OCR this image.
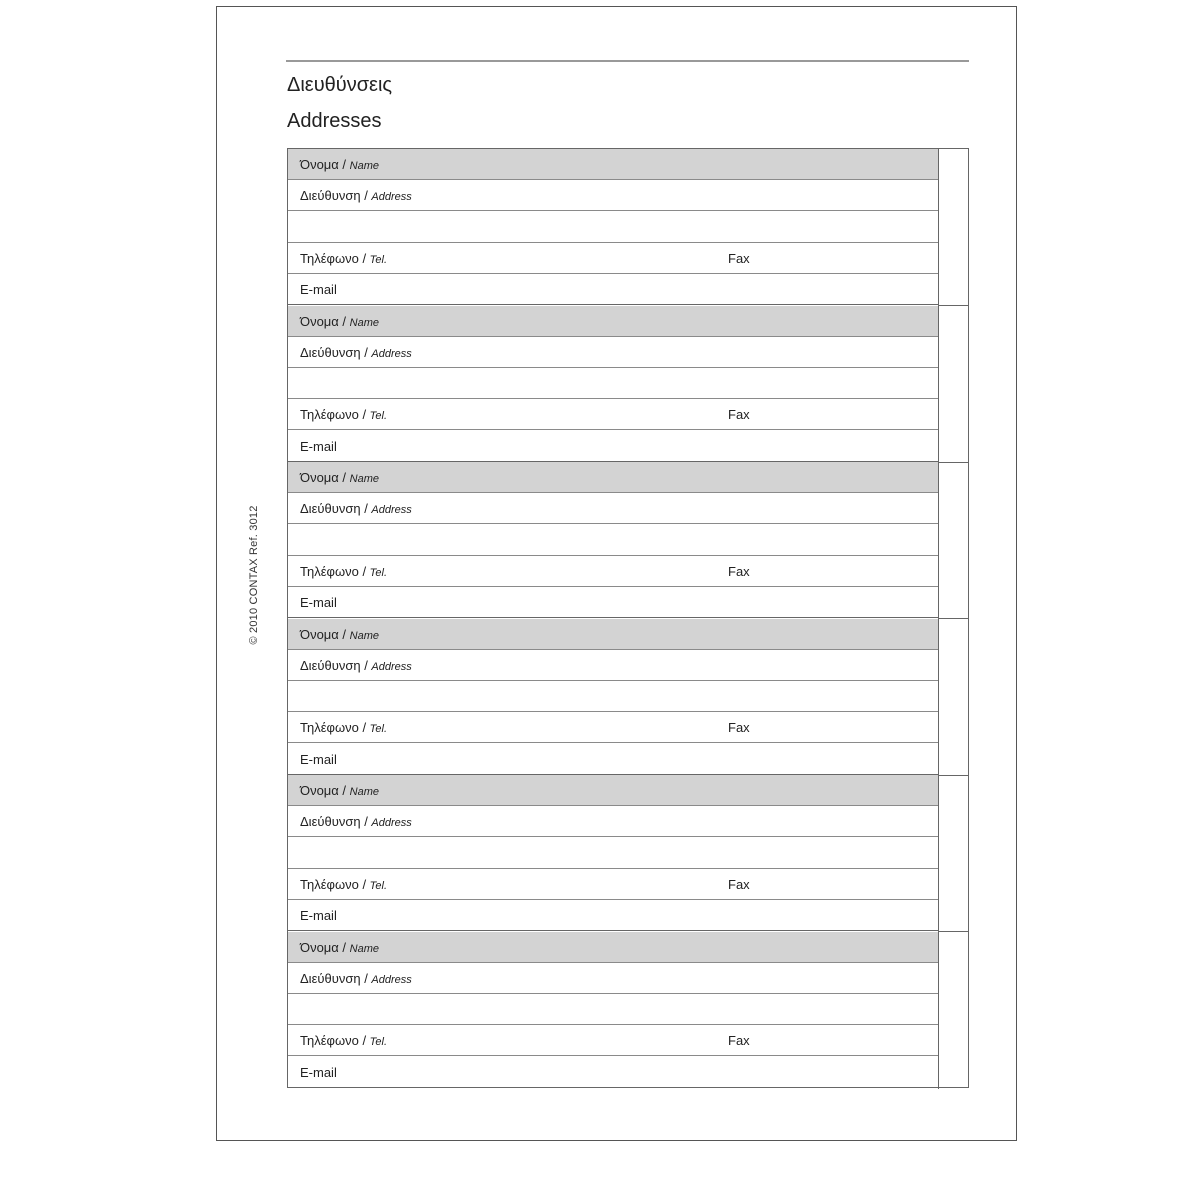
Διευθύνσεις
Addresses
© 2010 CONTAX Ref. 3012
Όνομα / Name
Διεύθυνση / Address
Τηλέφωνο / Tel.	Fax
E-mail
Όνομα / Name
Διεύθυνση / Address
Τηλέφωνο / Tel.	Fax
E-mail
Όνομα / Name
Διεύθυνση / Address
Τηλέφωνο / Tel.	Fax
E-mail
Όνομα / Name
Διεύθυνση / Address
Τηλέφωνο / Tel.	Fax
E-mail
Όνομα / Name
Διεύθυνση / Address
Τηλέφωνο / Tel.	Fax
E-mail
Όνομα / Name
Διεύθυνση / Address
Τηλέφωνο / Tel.	Fax
E-mail
